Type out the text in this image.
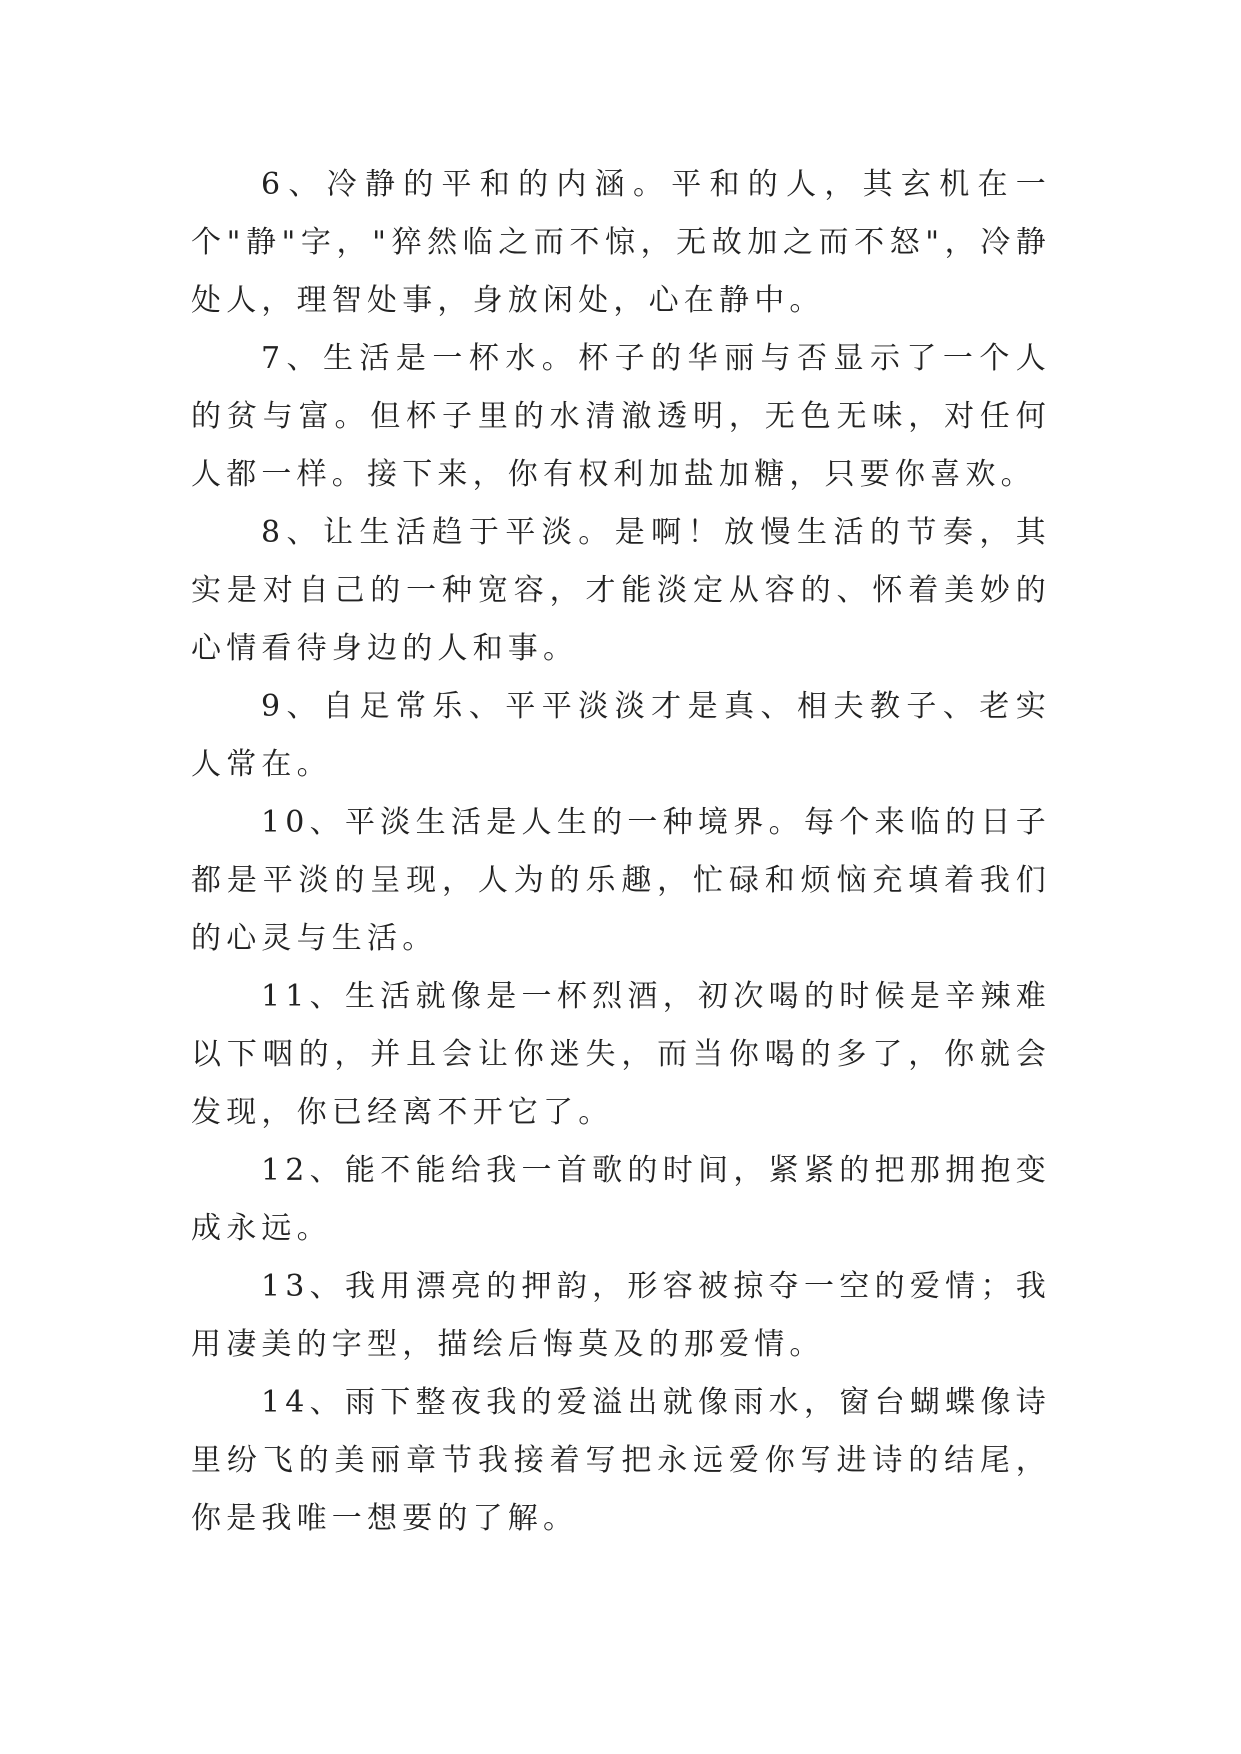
6、冷静的平和的内涵。平和的人，其玄机在一个"静"字，"猝然临之而不惊，无故加之而不怒"，冷静处人，理智处事，身放闲处，心在静中。

7、生活是一杯水。杯子的华丽与否显示了一个人的贫与富。但杯子里的水清澈透明，无色无味，对任何人都一样。接下来，你有权利加盐加糖，只要你喜欢。

8、让生活趋于平淡。是啊！放慢生活的节奏，其实是对自己的一种宽容，才能淡定从容的、怀着美妙的心情看待身边的人和事。

9、自足常乐、平平淡淡才是真、相夫教子、老实人常在。

10、平淡生活是人生的一种境界。每个来临的日子都是平淡的呈现，人为的乐趣，忙碌和烦恼充填着我们的心灵与生活。

11、生活就像是一杯烈酒，初次喝的时候是辛辣难以下咽的，并且会让你迷失，而当你喝的多了，你就会发现，你已经离不开它了。

12、能不能给我一首歌的时间，紧紧的把那拥抱变成永远。

13、我用漂亮的押韵，形容被掠夺一空的爱情；我用凄美的字型，描绘后悔莫及的那爱情。

14、雨下整夜我的爱溢出就像雨水，窗台蝴蝶像诗里纷飞的美丽章节我接着写把永远爱你写进诗的结尾，你是我唯一想要的了解。
